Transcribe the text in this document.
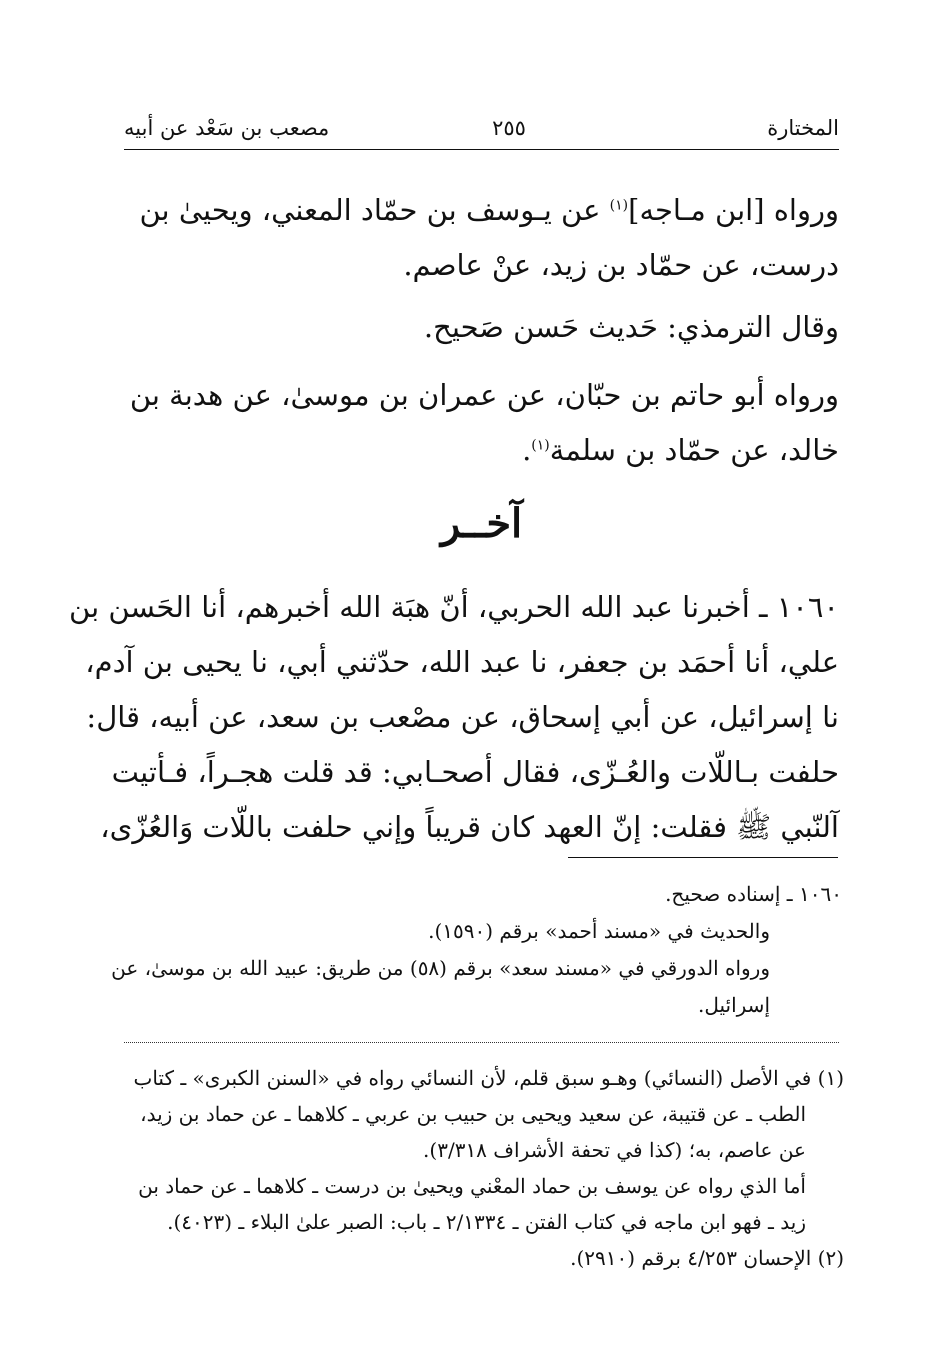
المختارة
٢٥٥
مصعب بن سَعْد عن أبيه
ورواه [ابن مـاجه]$^{(١)}$ عن يـوسف بن حمّاد المعني، ويحيىٰ بن
درست، عن حمّاد بن زيد، عنْ عاصم.
وقال الترمذي: حَديث حَسن صَحيح.
ورواه أبو حاتم بن حبّان، عن عمران بن موسىٰ، عن هدبة بن
خالد، عن حمّاد بن سلمة$^{(١)}$.
آخــر
١٠٦٠ ـ أخبرنا عبد الله الحربي، أنّ هبَة الله أخبرهم، أنا الحَسن بن
علي، أنا أحمَد بن جعفر، نا عبد الله، حدّثني أبي، نا يحيى بن آدم،
نا إسرائيل، عن أبي إسحاق، عن مصْعب بن سعد، عن أبيه، قال:
حلفت بـاللّات والعُـزّى، فقال أصحـابي: قد قلت هجـراً، فـأتيت
آلنّبي ﷺ فقلت: إنّ العهد كان قريباً وإني حلفت باللّات وَالعُزّى،
١٠٦٠ ـ إسناده صحيح.
والحديث في «مسند أحمد» برقم (١٥٩٠).
ورواه الدورقي في «مسند سعد» برقم (٥٨) من طريق: عبيد الله بن موسىٰ، عن
إسرائيل.
(١) في الأصل (النسائي) وهـو سبق قلم، لأن النسائي رواه في «السنن الكبرى» ـ كتاب
الطب ـ عن قتيبة، عن سعيد ويحيى بن حبيب بن عربي ـ كلاهما ـ عن حماد بن زيد،
عن عاصم، به؛ (كذا في تحفة الأشراف ٣/٣١٨).
أما الذي رواه عن يوسف بن حماد المعْني ويحيىٰ بن درست ـ كلاهما ـ عن حماد بن
زيد ـ فهو ابن ماجه في كتاب الفتن ـ ٢/١٣٣٤ ـ باب: الصبر علىٰ البلاء ـ (٤٠٢٣).
(٢) الإحسان ٤/٢٥٣ برقم (٢٩١٠).
